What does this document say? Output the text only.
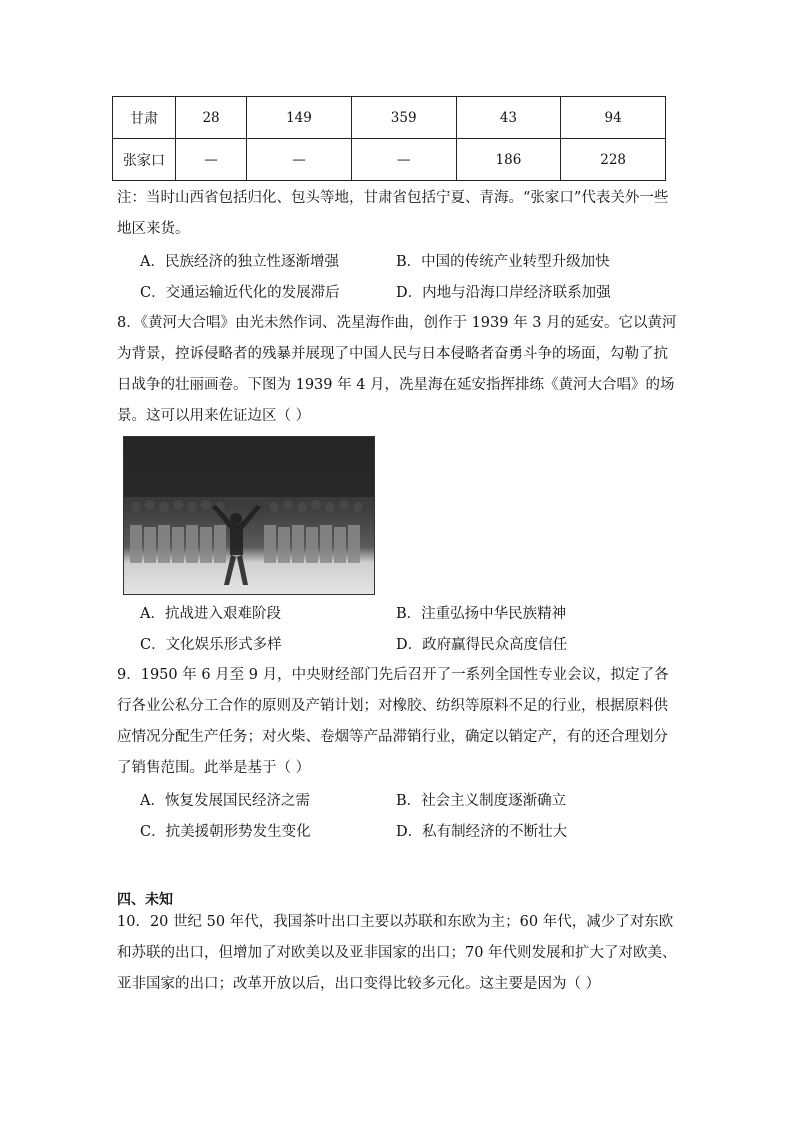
甘肃	28	149	359	43	94
张家口	—	—	—	186	228

注：当时山西省包括归化、包头等地，甘肃省包括宁夏、青海。“张家口”代表关外一些地区来货。

A．民族经济的独立性逐渐增强	B．中国的传统产业转型升级加快
C．交通运输近代化的发展滞后	D．内地与沿海口岸经济联系加强

8．《黄河大合唱》由光未然作词、冼星海作曲，创作于 1939 年 3 月的延安。它以黄河为背景，控诉侵略者的残暴并展现了中国人民与日本侵略者奋勇斗争的场面，勾勒了抗日战争的壮丽画卷。下图为 1939 年 4 月，冼星海在延安指挥排练《黄河大合唱》的场景。这可以用来佐证边区（ ）

A．抗战进入艰难阶段	B．注重弘扬中华民族精神
C．文化娱乐形式多样	D．政府赢得民众高度信任

9．1950 年 6 月至 9 月，中央财经部门先后召开了一系列全国性专业会议，拟定了各行各业公私分工合作的原则及产销计划；对橡胶、纺织等原料不足的行业，根据原料供应情况分配生产任务；对火柴、卷烟等产品滞销行业，确定以销定产，有的还合理划分了销售范围。此举是基于（ ）

A．恢复发展国民经济之需	B．社会主义制度逐渐确立
C．抗美援朝形势发生变化	D．私有制经济的不断壮大
四、未知

10．20 世纪 50 年代，我国茶叶出口主要以苏联和东欧为主；60 年代，减少了对东欧和苏联的出口，但增加了对欧美以及亚非国家的出口；70 年代则发展和扩大了对欧美、亚非国家的出口；改革开放以后，出口变得比较多元化。这主要是因为（ ）
